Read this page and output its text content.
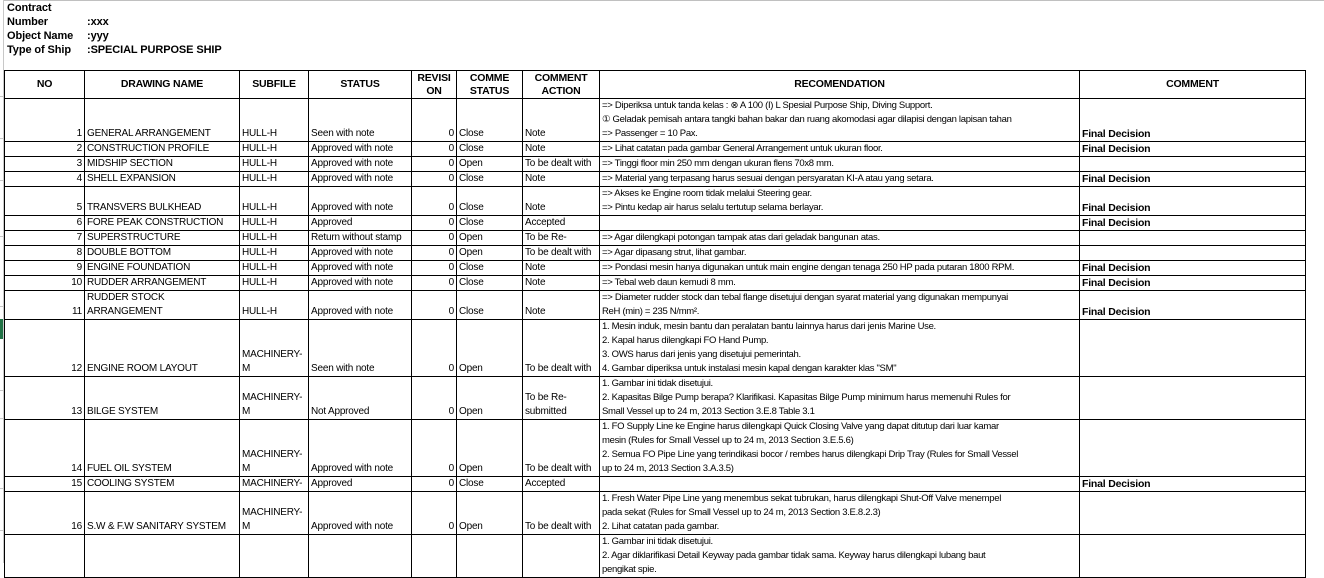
Contract
Number	:xxx
Object Name	:yyy
Type of Ship	:SPECIAL PURPOSE SHIP
NO	DRAWING NAME	SUBFILE	STATUS	REVISI ON	COMME STATUS	COMMENT ACTION	RECOMENDATION	COMMENT
1	GENERAL ARRANGEMENT	HULL-H	Seen with note	0	Close	Note	=> Diperiksa untuk tanda kelas : ⊗ A 100 (I) L Spesial Purpose Ship, Diving Support.
① Geladak pemisah antara tangki bahan bakar dan ruang akomodasi agar dilapisi dengan lapisan tahan
=> Passenger = 10 Pax.	Final Decision
2	CONSTRUCTION PROFILE	HULL-H	Approved with note	0	Close	Note	=> Lihat catatan pada gambar General Arrangement untuk ukuran floor.	Final Decision
3	MIDSHIP SECTION	HULL-H	Approved with note	0	Open	To be dealt with	=> Tinggi floor min 250 mm dengan ukuran flens 70x8 mm.	

4	SHELL EXPANSION	HULL-H	Approved with note	0	Close	Note	=> Material yang terpasang harus sesuai dengan persyaratan KI-A atau yang setara.	Final Decision
5	TRANSVERS BULKHEAD	HULL-H	Approved with note	0	Close	Note	=> Akses ke Engine room tidak melalui Steering gear.
=> Pintu kedap air harus selalu tertutup selama berlayar.	Final Decision
6	FORE PEAK CONSTRUCTION	HULL-H	Approved	0	Close	Accepted		Final Decision
7	SUPERSTRUCTURE	HULL-H	Return without stamp	0	Open	To be Re-	=> Agar dilengkapi potongan tampak atas dari geladak bangunan atas.	

8	DOUBLE BOTTOM	HULL-H	Approved with note	0	Open	To be dealt with	=> Agar dipasang strut, lihat gambar.	

9	ENGINE FOUNDATION	HULL-H	Approved with note	0	Close	Note	=> Pondasi mesin hanya digunakan untuk main engine dengan tenaga 250 HP pada putaran 1800 RPM.	Final Decision
10	RUDDER ARRANGEMENT	HULL-H	Approved with note	0	Close	Note	=> Tebal web daun kemudi 8 mm.	Final Decision
11	RUDDER STOCK ARRANGEMENT	HULL-H	Approved with note	0	Close	Note	=> Diameter rudder stock dan tebal flange disetujui dengan syarat material yang digunakan mempunyai
ReH (min) = 235 N/mm².	Final Decision
12	ENGINE ROOM LAYOUT	MACHINERY-M	Seen with note	0	Open	To be dealt with	1. Mesin induk, mesin bantu dan peralatan bantu lainnya harus dari jenis Marine Use.
2. Kapal harus dilengkapi FO Hand Pump.
3. OWS harus dari jenis yang disetujui pemerintah.
4. Gambar diperiksa untuk instalasi mesin kapal dengan karakter klas "SM"	

13	BILGE SYSTEM	MACHINERY-M	Not Approved	0	Open	To be Re-submitted	1. Gambar ini tidak disetujui.
2. Kapasitas Bilge Pump berapa? Klarifikasi. Kapasitas Bilge Pump minimum harus memenuhi Rules for
Small Vessel up to 24 m, 2013 Section 3.E.8 Table 3.1	

14	FUEL OIL SYSTEM	MACHINERY-M	Approved with note	0	Open	To be dealt with	1. FO Supply Line ke Engine harus dilengkapi Quick Closing Valve yang dapat ditutup dari luar kamar
mesin (Rules for Small Vessel up to 24 m, 2013 Section 3.E.5.6)
2. Semua FO Pipe Line yang terindikasi bocor / rembes harus dilengkapi Drip Tray (Rules for Small Vessel
up to 24 m, 2013 Section 3.A.3.5)	

15	COOLING SYSTEM	MACHINERY-	Approved	0	Close	Accepted		Final Decision
16	S.W & F.W SANITARY SYSTEM	MACHINERY-M	Approved with note	0	Open	To be dealt with	1. Fresh Water Pipe Line yang menembus sekat tubrukan, harus dilengkapi Shut-Off Valve menempel
pada sekat (Rules for Small Vessel up to 24 m, 2013 Section 3.E.8.2.3)
2. Lihat catatan pada gambar.	

							1. Gambar ini tidak disetujui.
2. Agar diklarifikasi Detail Keyway pada gambar tidak sama. Keyway harus dilengkapi lubang baut
pengikat spie.	
